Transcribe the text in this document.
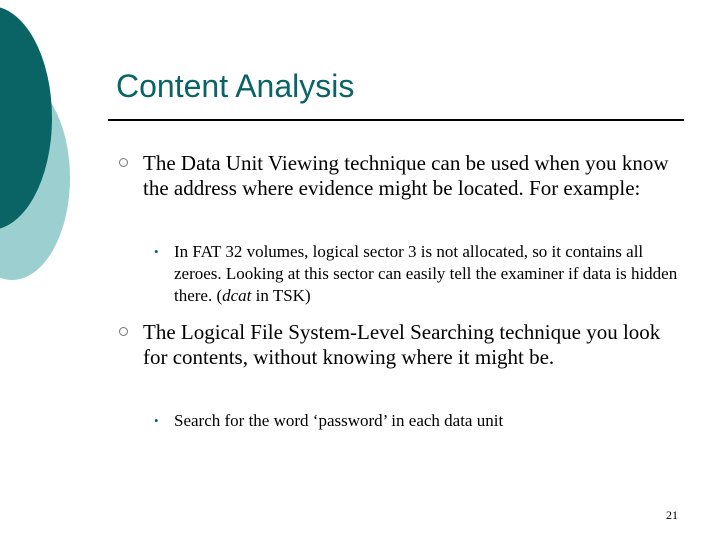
Content Analysis
The Data Unit Viewing technique can be used when you know the address where evidence might be located. For example:
• In FAT 32 volumes, logical sector 3 is not allocated, so it contains all zeroes. Looking at this sector can easily tell the examiner if data is hidden there. (dcat in TSK)
The Logical File System-Level Searching technique you look for contents, without knowing where it might be.
• Search for the word ‘password’ in each data unit
21
